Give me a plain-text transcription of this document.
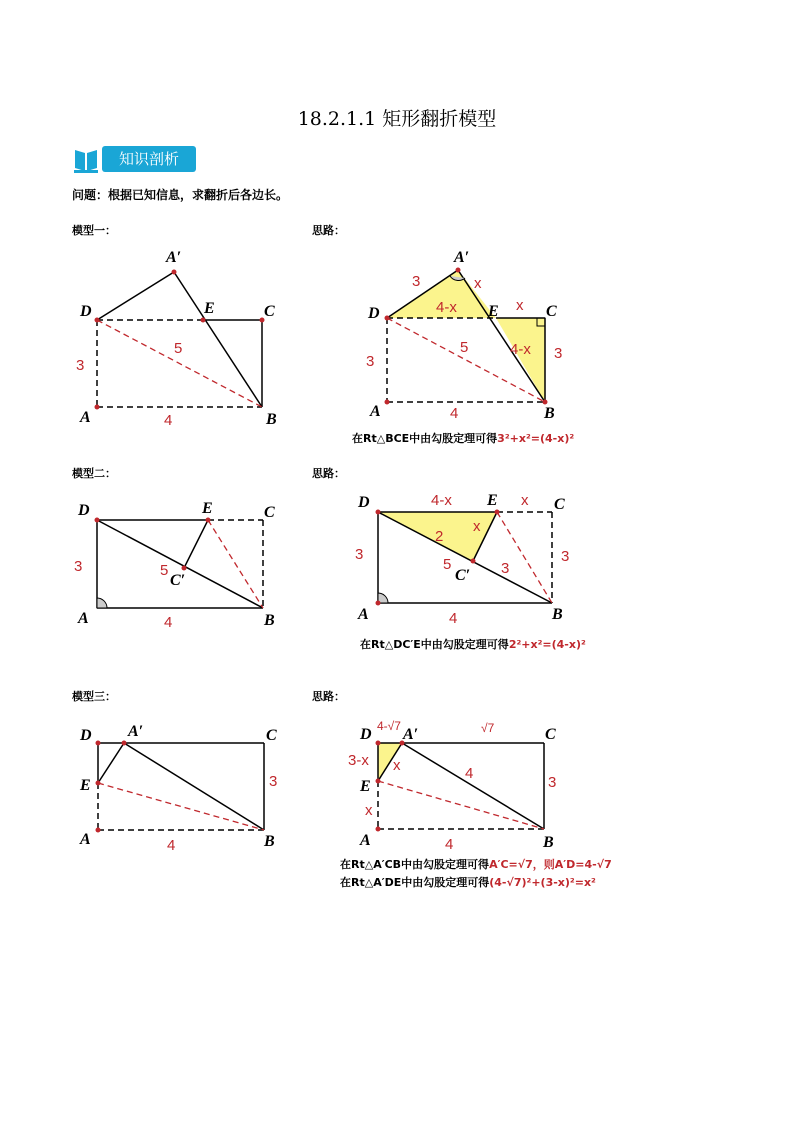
18.2.1.1 矩形翻折模型
知识剖析
问题：根据已知信息，求翻折后各边长。
模型一：	思路：
模型二：	思路：
模型三：	思路：
D
A	B
C
E
A′
3
4
5
D
A	B
C
E
A′
3	x
x
4-x
4-x 3
3
5
4
在Rt△BCE中由勾股定理可得3²+x²=(4-x)²
D
A	B
C
E
C′
3
4
5
D
A	B
C
E
C′
4-x	x
x
2
5	3
3	3
4
在Rt△DC′E中由勾股定理可得2²+x²=(4-x)²
D A′	C
E
A	B
3
4
D A′	C
E
A	B
4-√7	√7
3-x x
x
4
3
4
在Rt△A′CB中由勾股定理可得A′C=√7，则A′D=4-√7
在Rt△A′DE中由勾股定理可得(4-√7)²+(3-x)²=x²
